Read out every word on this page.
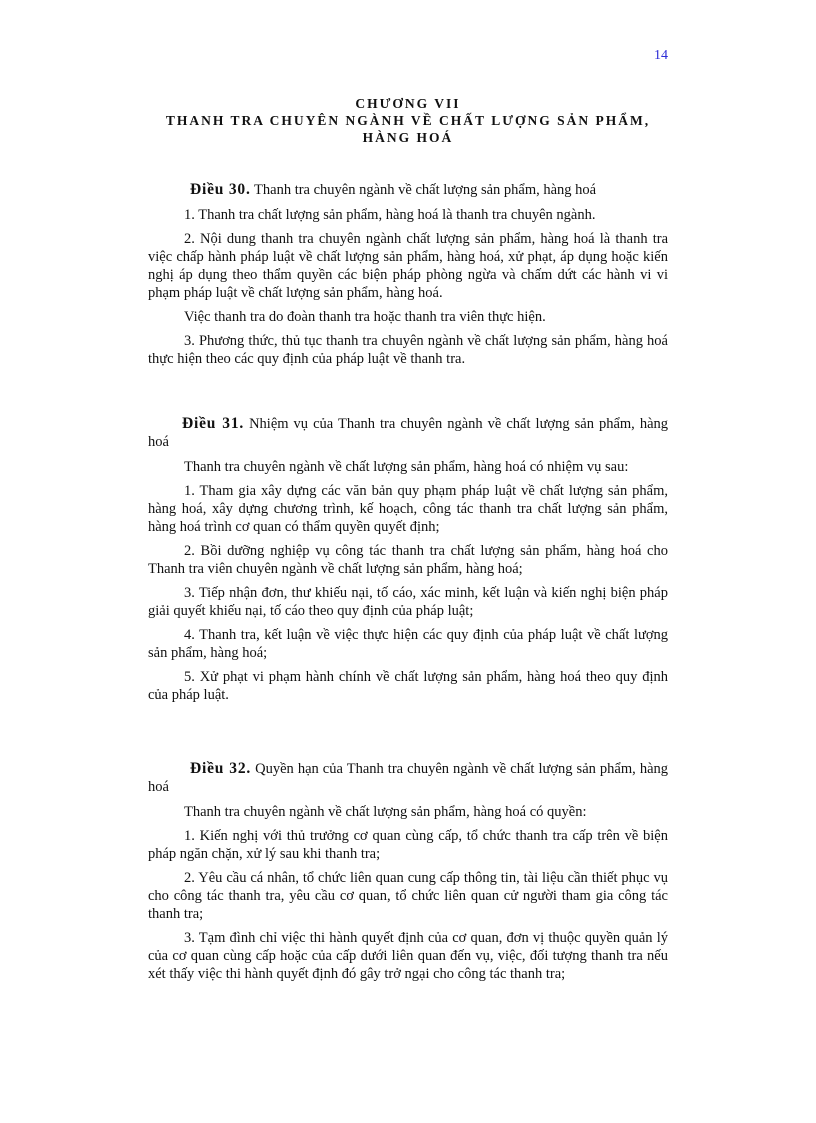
14
CHƯƠNG VII
THANH TRA CHUYÊN NGÀNH VỀ CHẤT LƯỢNG SẢN PHẨM,
HÀNG HOÁ
Điều 30. Thanh tra chuyên ngành về chất lượng sản phẩm, hàng hoá

1. Thanh tra chất lượng sản phẩm, hàng hoá là thanh tra chuyên ngành.

2. Nội dung thanh tra chuyên ngành chất lượng sản phẩm, hàng hoá là thanh tra việc chấp hành pháp luật về chất lượng sản phẩm, hàng hoá, xử phạt, áp dụng hoặc kiến nghị áp dụng theo thẩm quyền các biện pháp phòng ngừa và chấm dứt các hành vi vi phạm pháp luật về chất lượng sản phẩm, hàng hoá.

Việc thanh tra do đoàn thanh tra hoặc thanh tra viên thực hiện.

3. Phương thức, thủ tục thanh tra chuyên ngành về chất lượng sản phẩm, hàng hoá thực hiện theo các quy định của pháp luật về thanh tra.

Điều 31. Nhiệm vụ của Thanh tra chuyên ngành về chất lượng sản phẩm, hàng hoá

Thanh tra chuyên ngành về chất lượng sản phẩm, hàng hoá có nhiệm vụ sau:

1. Tham gia xây dựng các văn bản quy phạm pháp luật về chất lượng sản phẩm, hàng hoá, xây dựng chương trình, kế hoạch, công tác thanh tra chất lượng sản phẩm, hàng hoá trình cơ quan có thẩm quyền quyết định;

2. Bồi dưỡng nghiệp vụ công tác thanh tra chất lượng sản phẩm, hàng hoá cho Thanh tra viên chuyên ngành về chất lượng sản phẩm, hàng hoá;

3. Tiếp nhận đơn, thư khiếu nại, tố cáo, xác minh, kết luận và kiến nghị biện pháp giải quyết khiếu nại, tố cáo theo quy định của pháp luật;

4. Thanh tra, kết luận về việc thực hiện các quy định của pháp luật về chất lượng sản phẩm, hàng hoá;

5. Xử phạt vi phạm hành chính về chất lượng sản phẩm, hàng hoá theo quy định của pháp luật.

Điều 32. Quyền hạn của Thanh tra chuyên ngành về chất lượng sản phẩm, hàng hoá

Thanh tra chuyên ngành về chất lượng sản phẩm, hàng hoá có quyền:

1. Kiến nghị với thủ trưởng cơ quan cùng cấp, tổ chức thanh tra cấp trên về biện pháp ngăn chặn, xử lý sau khi thanh tra;

2. Yêu cầu cá nhân, tổ chức liên quan cung cấp thông tin, tài liệu cần thiết phục vụ cho công tác thanh tra, yêu cầu cơ quan, tổ chức liên quan cử người tham gia công tác thanh tra;

3. Tạm đình chỉ việc thi hành quyết định của cơ quan, đơn vị thuộc quyền quản lý của cơ quan cùng cấp hoặc của cấp dưới liên quan đến vụ, việc, đối tượng thanh tra nếu xét thấy việc thi hành quyết định đó gây trở ngại cho công tác thanh tra;
